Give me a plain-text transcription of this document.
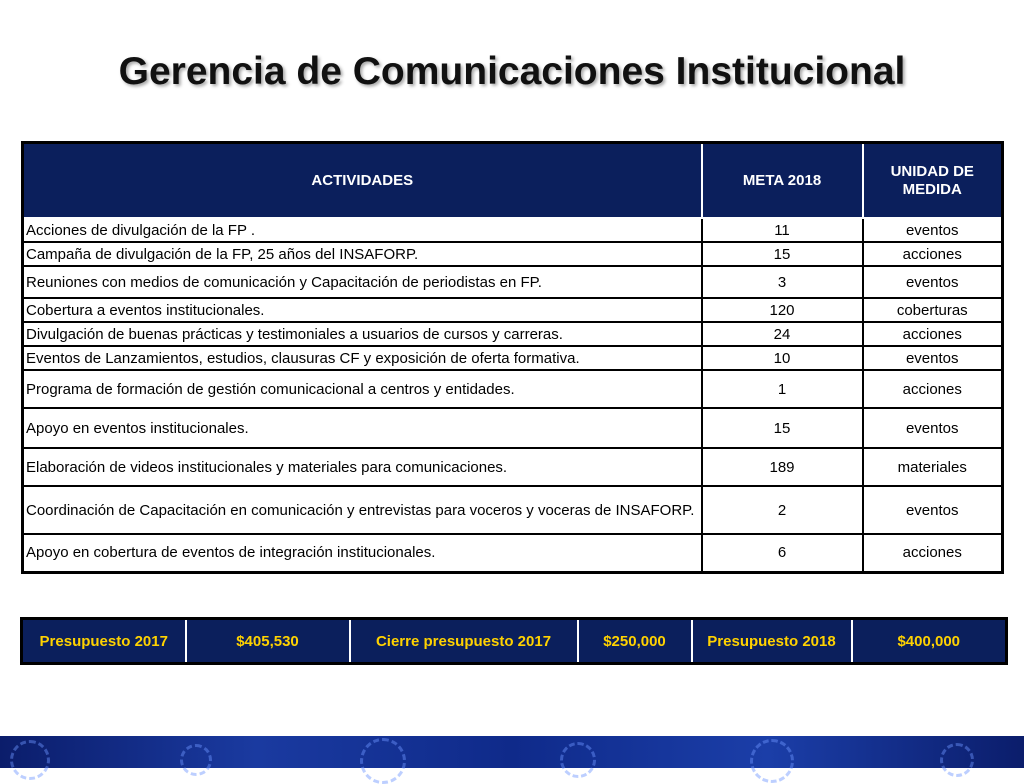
Gerencia de Comunicaciones Institucional
ACTIVIDADES	META 2018	UNIDAD DE MEDIDA
Acciones de divulgación de la FP .	11	eventos
Campaña de divulgación de la FP, 25 años del INSAFORP.	15	acciones
Reuniones con medios de comunicación y Capacitación de periodistas en FP.	3	eventos
Cobertura a eventos institucionales.	120	coberturas
Divulgación de buenas prácticas y testimoniales a usuarios de cursos y carreras.	24	acciones
Eventos de Lanzamientos, estudios, clausuras CF y exposición de oferta formativa.	10	eventos
Programa de formación de gestión comunicacional a centros y entidades.	1	acciones
Apoyo en eventos institucionales.	15	eventos
Elaboración de videos institucionales y materiales para comunicaciones.	189	materiales
Coordinación de Capacitación en comunicación y entrevistas para voceros y voceras de INSAFORP.	2	eventos
Apoyo en cobertura de eventos de integración institucionales.	6	acciones
Presupuesto 2017	$405,530	Cierre presupuesto 2017	$250,000	Presupuesto 2018	$400,000
